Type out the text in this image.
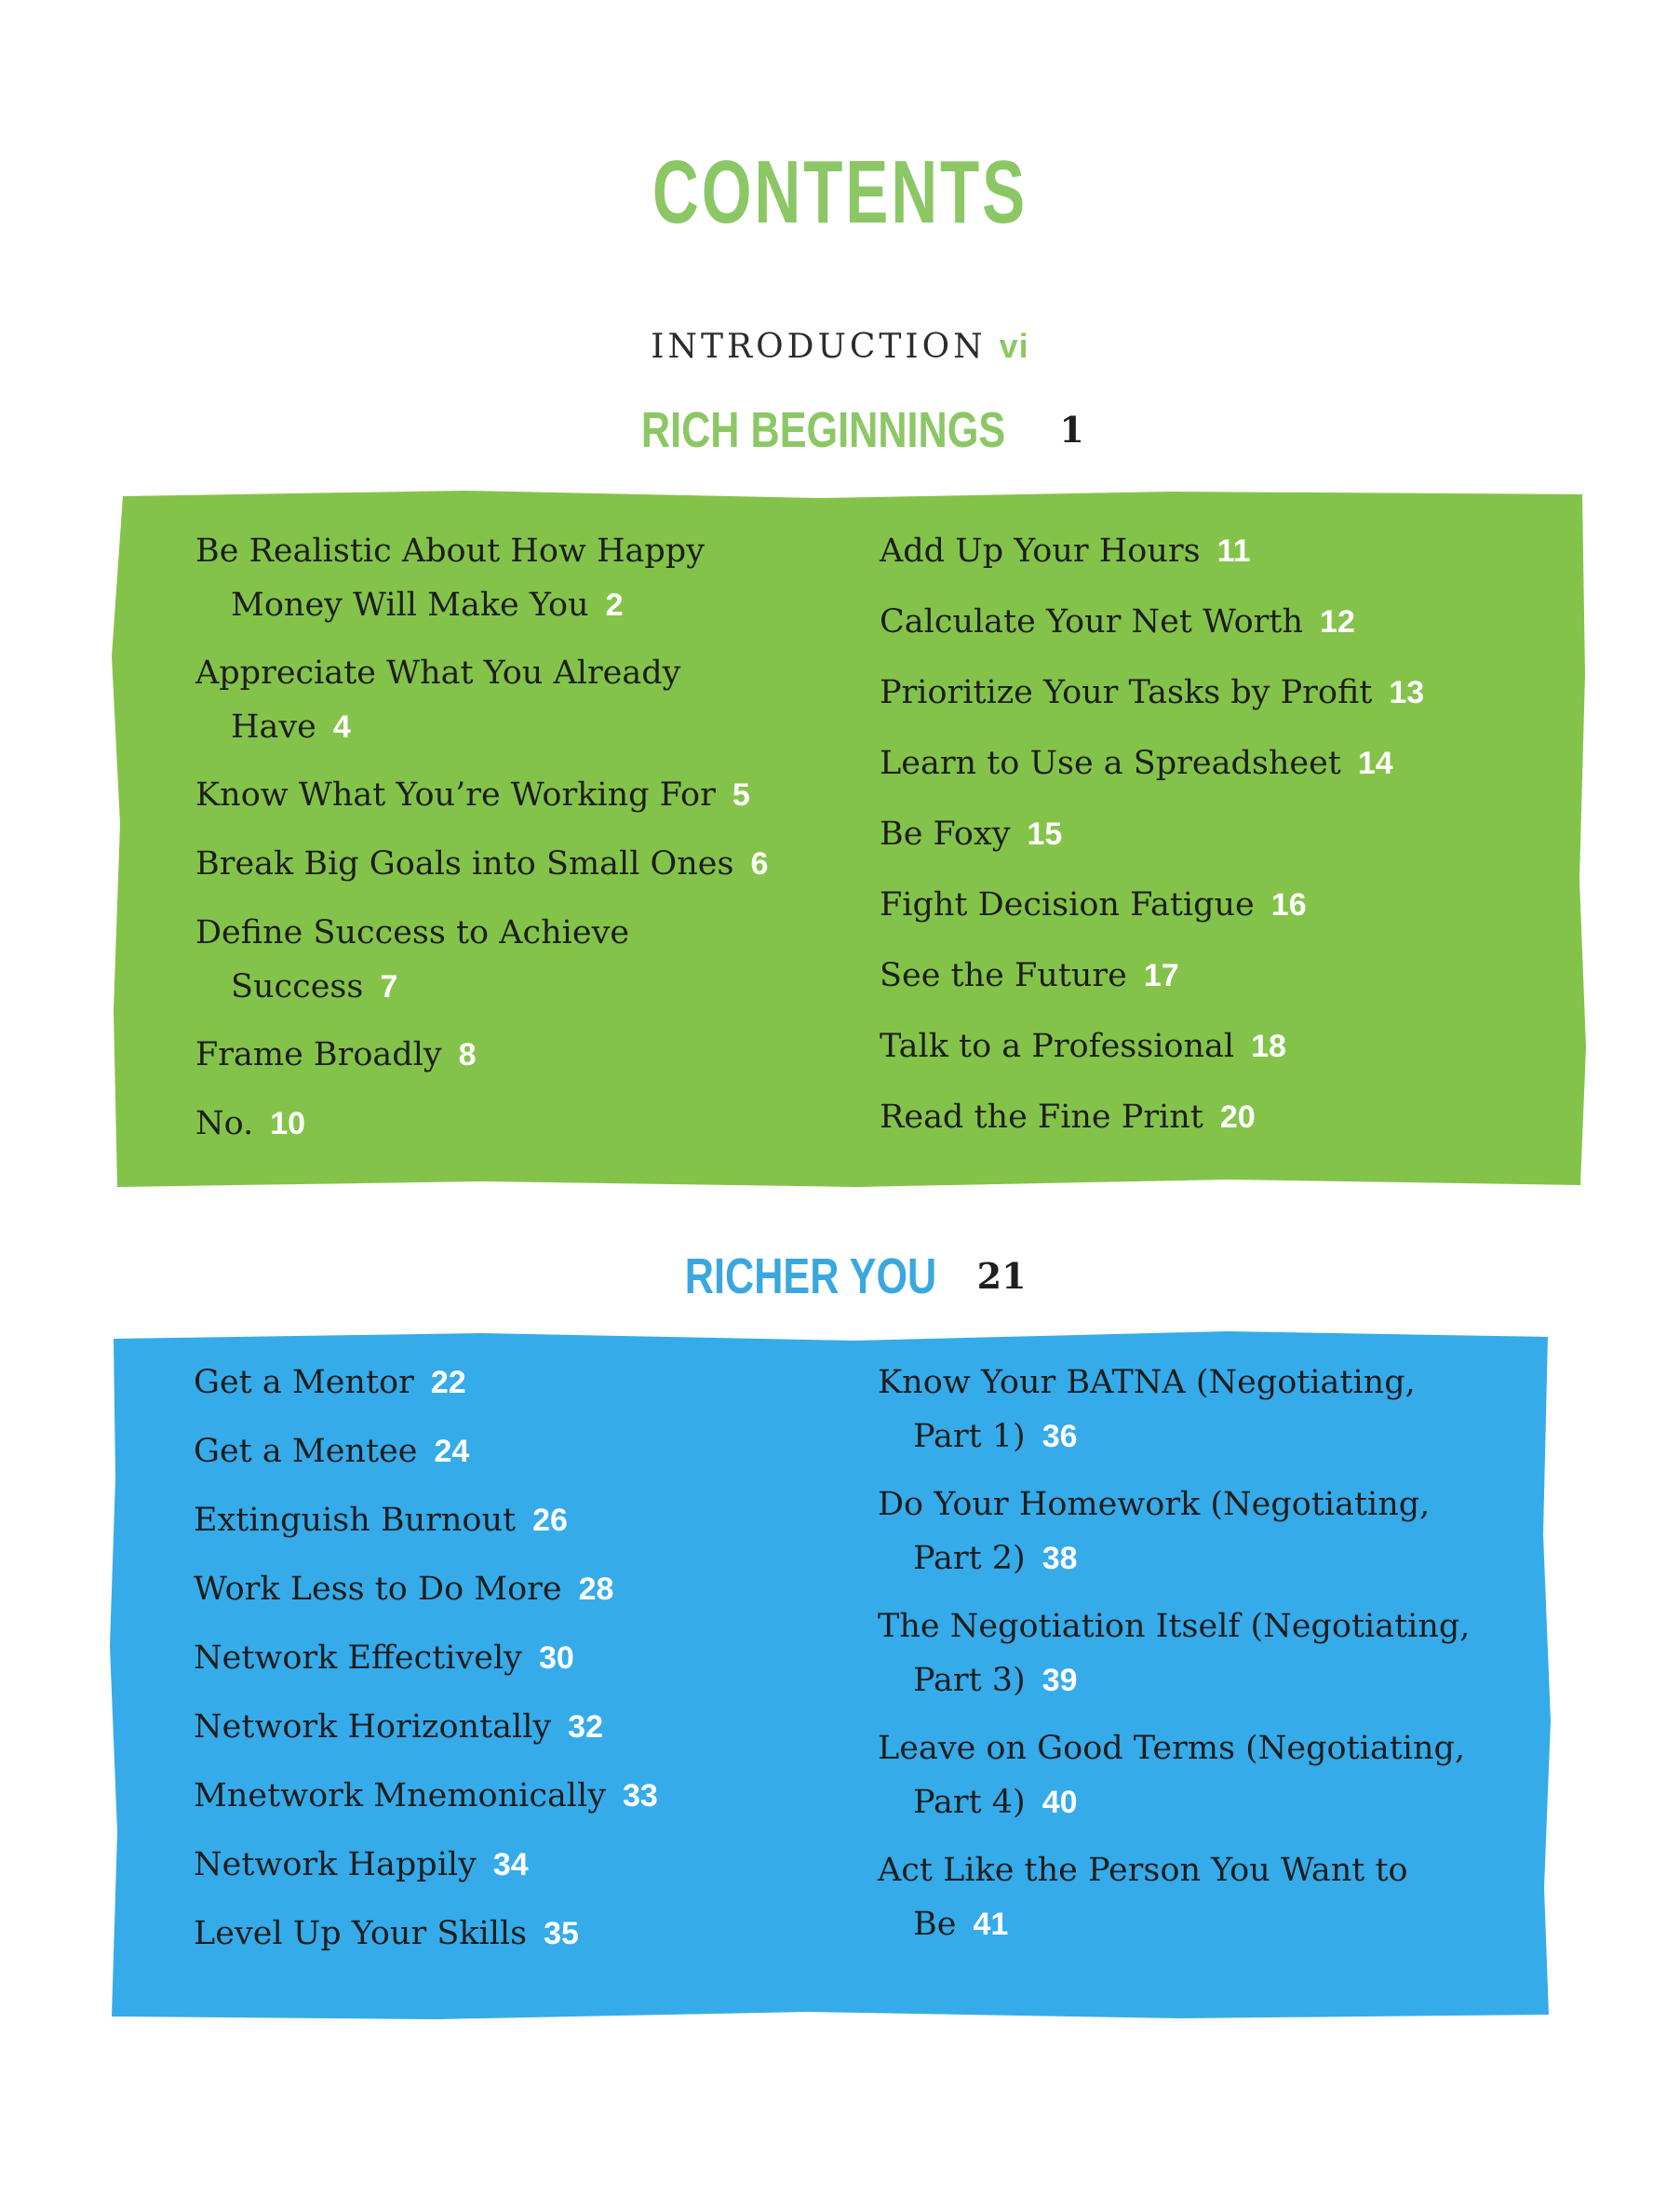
CONTENTS
INTRODUCTION vi
RICH BEGINNINGS 1
Be Realistic About How Happy
Money Will Make You 2
Appreciate What You Already
Have 4
Know What You’re Working For 5
Break Big Goals into Small Ones 6
Define Success to Achieve
Success 7
Frame Broadly 8
No. 10
Add Up Your Hours 11
Calculate Your Net Worth 12
Prioritize Your Tasks by Profit 13
Learn to Use a Spreadsheet 14
Be Foxy 15
Fight Decision Fatigue 16
See the Future 17
Talk to a Professional 18
Read the Fine Print 20
RICHER YOU 21
Get a Mentor 22
Get a Mentee 24
Extinguish Burnout 26
Work Less to Do More 28
Network Effectively 30
Network Horizontally 32
Mnetwork Mnemonically 33
Network Happily 34
Level Up Your Skills 35
Know Your BATNA (Negotiating,
Part 1) 36
Do Your Homework (Negotiating,
Part 2) 38
The Negotiation Itself (Negotiating,
Part 3) 39
Leave on Good Terms (Negotiating,
Part 4) 40
Act Like the Person You Want to
Be 41
